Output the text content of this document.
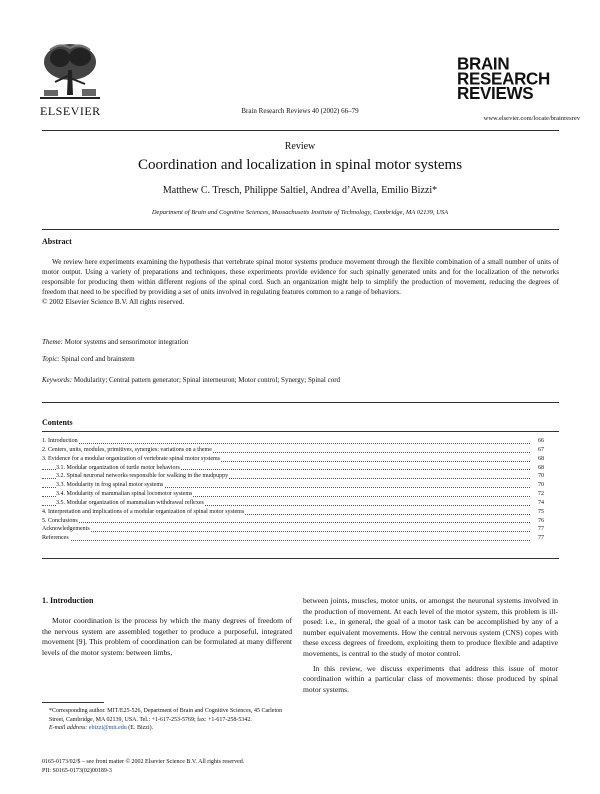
ELSEVIER	Brain Research Reviews 40 (2002) 66–79
BRAIN
RESEARCH
REVIEWS
www.elsevier.com/locate/brainresrev
Review
Coordination and localization in spinal motor systems
Matthew C. Tresch, Philippe Saltiel, Andrea d’Avella, Emilio Bizzi*
Department of Brain and Cognitive Sciences, Massachusetts Institute of Technology, Cambridge, MA 02139, USA
Abstract

We review here experiments examining the hypothesis that vertebrate spinal motor systems produce movement through the flexible combination of a small number of units of motor output. Using a variety of preparations and techniques, these experiments provide evidence for such spinally generated units and for the localization of the networks responsible for producing them within different regions of the spinal cord. Such an organization might help to simplify the production of movement, reducing the degrees of freedom that need to be specified by providing a set of units involved in regulating features common to a range of behaviors.

© 2002 Elsevier Science B.V. All rights reserved.
Theme: Motor systems and sensorimotor integration
Topic: Spinal cord and brainstem
Keywords: Modularity; Central pattern generator; Spinal interneuron; Motor control; Synergy; Spinal cord
Contents
1. Introduction	66
2. Centers, units, modules, primitives, synergies: variations on a theme	67
3. Evidence for a modular organization of vertebrate spinal motor systems	68
3.1. Modular organization of turtle motor behaviors	68
3.2. Spinal neuronal networks responsible for walking in the mudpuppy	70
3.3. Modularity in frog spinal motor systems	70
3.4. Modularity of mammalian spinal locomotor systems	72
3.5. Modular organization of mammalian withdrawal reflexes	74
4. Interpretation and implications of a modular organization of spinal motor systems	75
5. Conclusions	76
Acknowledgements	77
References	77
1. Introduction

Motor coordination is the process by which the many degrees of freedom of the nervous system are assembled together to produce a purposeful, integrated movement [9]. This problem of coordination can be formulated at many different levels of the motor system: between limbs,

between joints, muscles, motor units, or amongst the neuronal systems involved in the production of movement. At each level of the motor system, this problem is ill-posed: i.e., in general, the goal of a motor task can be accomplished by any of a number equivalent movements. How the central nervous system (CNS) copes with these excess degrees of freedom, exploiting them to produce flexible and adaptive movements, is central to the study of motor control.

In this review, we discuss experiments that address this issue of motor coordination within a particular class of movements: those produced by spinal motor systems.

*Corresponding author. MIT/E25-526, Department of Brain and Cognitive Sciences, 45 Carleton Street, Cambridge, MA 02139, USA. Tel.: +1-617-253-5769; fax: +1-617-258-5342.

E-mail address: ebizzi@mit.edu (E. Bizzi).

0165-0173/02/$ – see front matter © 2002 Elsevier Science B.V. All rights reserved.
PII: S0165-0173(02)00189-3
